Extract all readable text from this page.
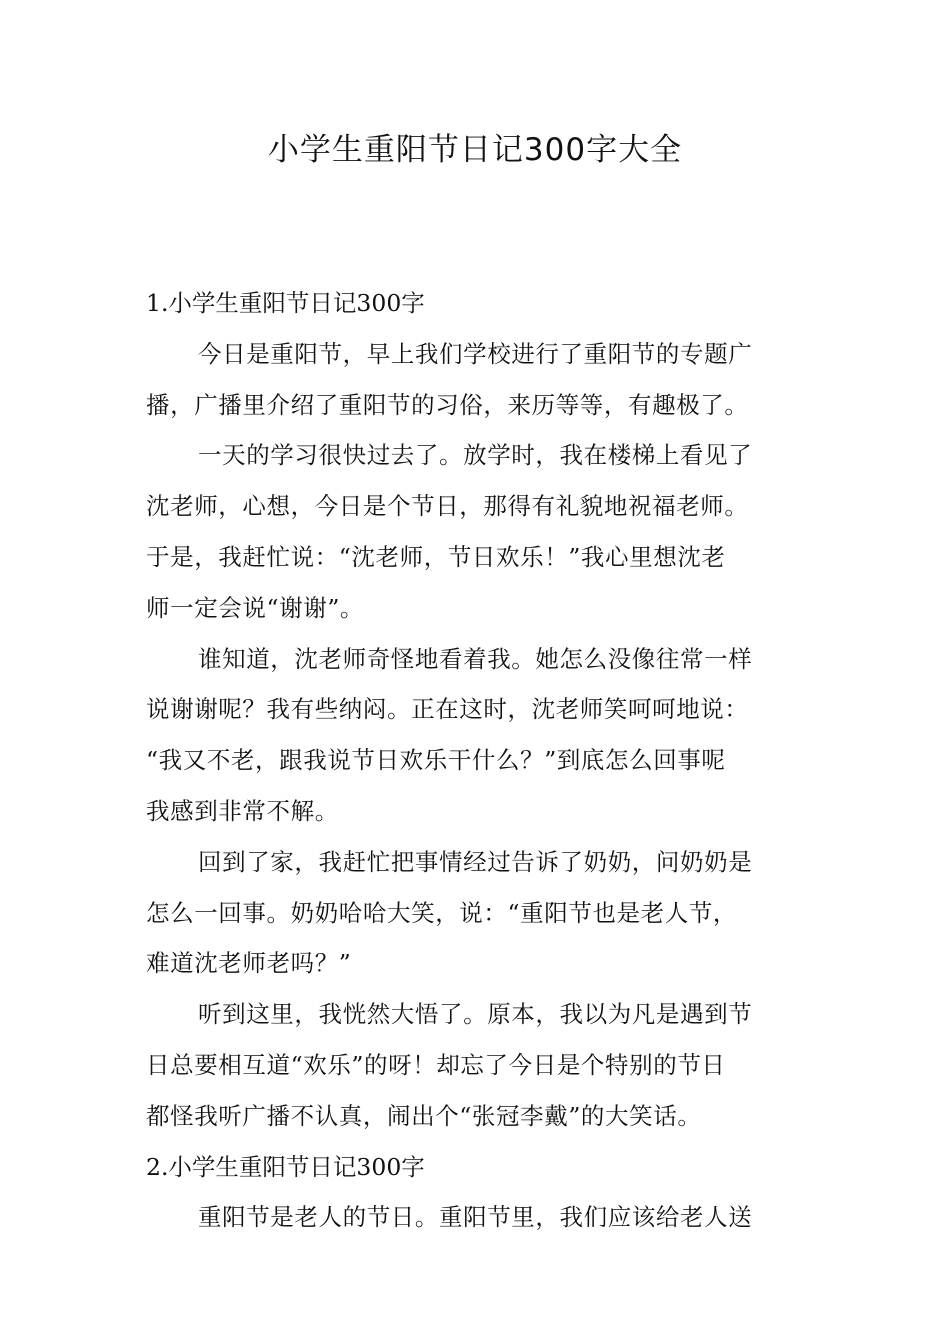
小学生重阳节日记300字大全
1.小学生重阳节日记300字
今日是重阳节，早上我们学校进行了重阳节的专题广
播，广播里介绍了重阳节的习俗，来历等等，有趣极了。
一天的学习很快过去了。放学时，我在楼梯上看见了
沈老师，心想，今日是个节日，那得有礼貌地祝福老师。
于是，我赶忙说：“沈老师，节日欢乐！”我心里想沈老
师一定会说“谢谢”。
谁知道，沈老师奇怪地看着我。她怎么没像往常一样
说谢谢呢？我有些纳闷。正在这时，沈老师笑呵呵地说：
“我又不老，跟我说节日欢乐干什么？”到底怎么回事呢
我感到非常不解。
回到了家，我赶忙把事情经过告诉了奶奶，问奶奶是
怎么一回事。奶奶哈哈大笑，说：“重阳节也是老人节，
难道沈老师老吗？”
听到这里，我恍然大悟了。原本，我以为凡是遇到节
日总要相互道“欢乐”的呀！却忘了今日是个特别的节日
都怪我听广播不认真，闹出个“张冠李戴”的大笑话。
2.小学生重阳节日记300字
重阳节是老人的节日。重阳节里，我们应该给老人送
